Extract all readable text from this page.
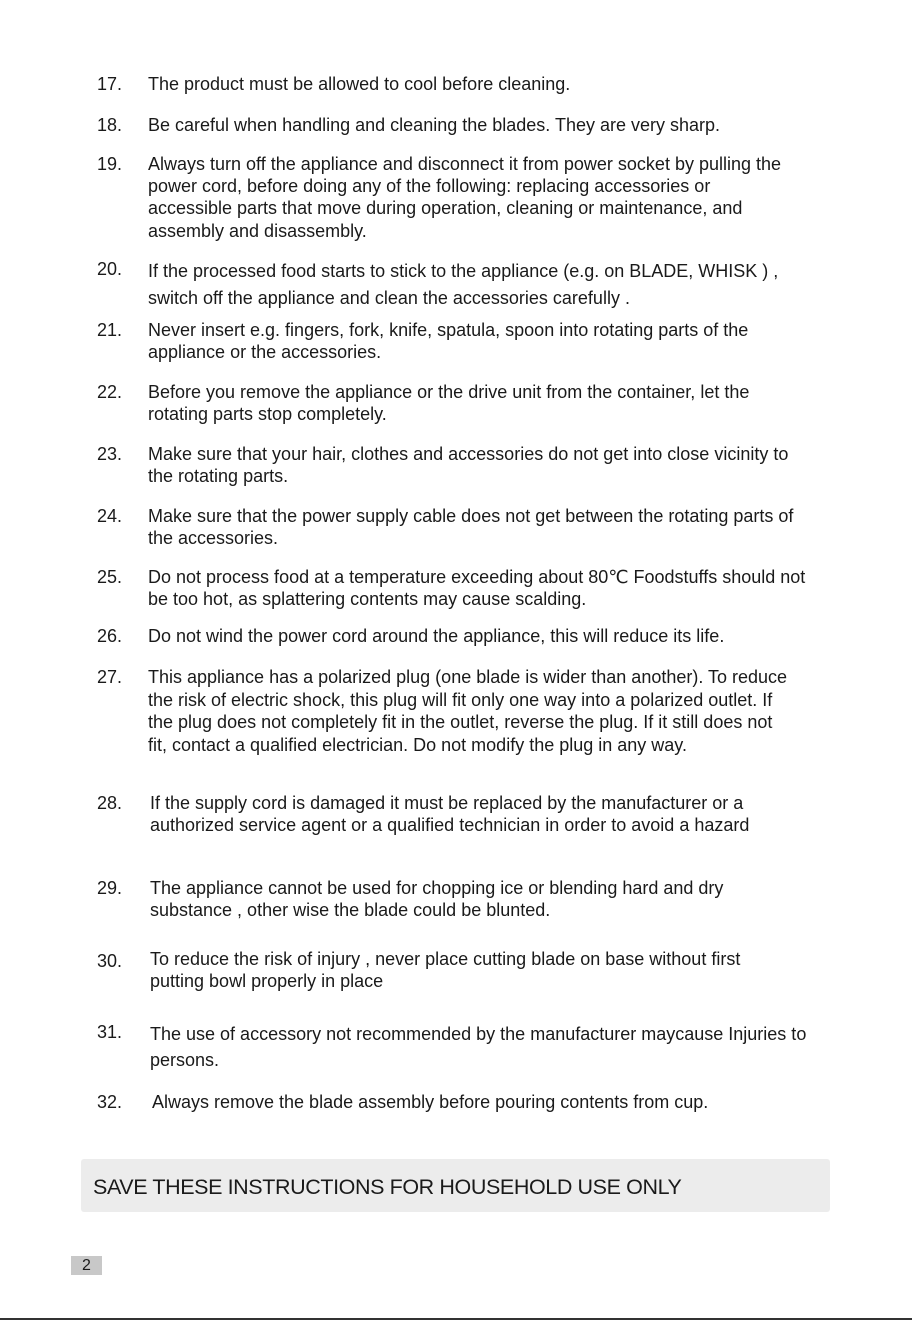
17. The product must be allowed to cool before cleaning.
18. Be careful when handling and cleaning the blades. They are very sharp.
19. Always turn off the appliance and disconnect it from power socket by pulling the power cord, before doing any of the following: replacing accessories or accessible parts that move during operation, cleaning or maintenance, and assembly and disassembly.
20. If the processed food starts to stick to the appliance (e.g. on BLADE, WHISK ) , switch off the appliance and clean the accessories carefully .
21. Never insert e.g. fingers, fork, knife, spatula, spoon into rotating parts of the appliance or the accessories.
22. Before you remove the appliance or the drive unit from the container, let the rotating parts stop completely.
23. Make sure that your hair, clothes and accessories do not get into close vicinity to the rotating parts.
24. Make sure that the power supply cable does not get between the rotating parts of the accessories.
25. Do not process food at a temperature exceeding about 80℃ Foodstuffs should not be too hot, as splattering contents may cause scalding.
26. Do not wind the power cord around the appliance, this will reduce its life.
27. This appliance has a polarized plug (one blade is wider than another). To reduce the risk of electric shock, this plug will fit only one way into a polarized outlet. If the plug does not completely fit in the outlet, reverse the plug. If it still does not fit, contact a qualified electrician. Do not modify the plug in any way.
28. If the supply cord is damaged it must be replaced by the manufacturer or a authorized service agent or a qualified technician in order to avoid a hazard
29. The appliance cannot be used for chopping ice or blending hard and dry substance , other wise the blade could be blunted.
30. To reduce the risk of injury , never place cutting blade on base without first putting bowl properly in place
31. The use of accessory not recommended by the manufacturer maycause Injuries to persons.
32. Always remove the blade assembly before pouring contents from cup.
SAVE THESE INSTRUCTIONS FOR HOUSEHOLD USE ONLY
2
